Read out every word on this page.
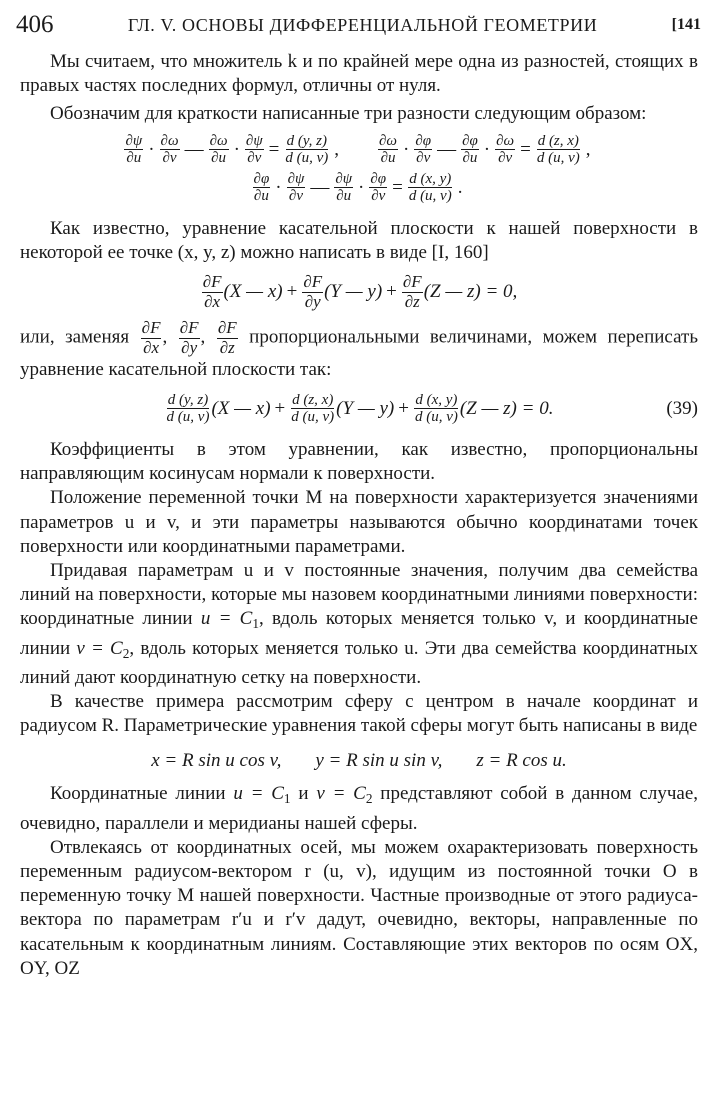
406	ГЛ. V. ОСНОВЫ ДИФФЕРЕНЦИАЛЬНОЙ ГЕОМЕТРИИ	[141

Мы считаем, что множитель k и по крайней мере одна из разностей, стоящих в правых частях последних формул, отличны от нуля.

Обозначим для краткости написанные три разности следующим образом:

$\frac{\partial\psi}{\partial u} \cdot \frac{\partial\omega}{\partial v}$ — $\frac{\partial\omega}{\partial u} \cdot \frac{\partial\psi}{\partial v} = \frac{d (y, z)}{d (u, v)}$ ,	$\frac{\partial\omega}{\partial u} \cdot \frac{\partial\varphi}{\partial v}$ — $\frac{\partial\varphi}{\partial u} \cdot \frac{\partial\omega}{\partial v} = \frac{d (z, x)}{d (u, v)}$ ,
$\frac{\partial\varphi}{\partial u} \cdot \frac{\partial\psi}{\partial v}$ — $\frac{\partial\psi}{\partial u} \cdot \frac{\partial\varphi}{\partial v} = \frac{d (x, y)}{d (u, v)}$ .

Как известно, уравнение касательной плоскости к нашей поверхности в некоторой ее точке (x, y, z) можно написать в виде [I, 160]

$\frac{\partial F}{\partial x} (X$ — $x) + \frac{\partial F}{\partial y} (Y$ — $y) + \frac{\partial F}{\partial z} (Z$ — z) = 0,

или, заменяя $\frac{\partial F}{\partial x}$ , $\frac{\partial F}{\partial y}$ , $\frac{\partial F}{\partial z}$ пропорциональными величинами, можем переписать уравнение касательной плоскости так:

$\frac{d (y, z)}{d (u, v)} (X$ — $x) + \frac{d (z, x)}{d (u, v)} (Y$ — $y) + \frac{d (x, y)}{d (u, v)} (Z$ — z) = 0.	(39)

Коэффициенты в этом уравнении, как известно, пропорциональны направляющим косинусам нормали к поверхности.

Положение переменной точки M на поверхности характеризуется значениями параметров u и v, и эти параметры называются обычно координатами точек поверхности или координатными параметрами.

Придавая параметрам u и v постоянные значения, получим два семейства линий на поверхности, которые мы назовем координатными линиями поверхности: координатные линии $u = C_1$, вдоль которых меняется только v, и координатные линии $v = C_2$, вдоль которых меняется только u. Эти два семейства координатных линий дают координатную сетку на поверхности.

В качестве примера рассмотрим сферу с центром в начале координат и радиусом R. Параметрические уравнения такой сферы могут быть написаны в виде

x = R sin u cos v, y = R sin u sin v, z = R cos u.

Координатные линии $u = C_1$ и $v = C_2$ представляют собой в данном случае, очевидно, параллели и меридианы нашей сферы.

Отвлекаясь от координатных осей, мы можем охарактеризовать поверхность переменным радиусом-вектором r (u, v), идущим из постоянной точки O в переменную точку M нашей поверхности. Частные производные от этого радиуса-вектора по параметрам r′u и r′v дадут, очевидно, векторы, направленные по касательным к координатным линиям. Составляющие этих векторов по осям OX, OY, OZ
